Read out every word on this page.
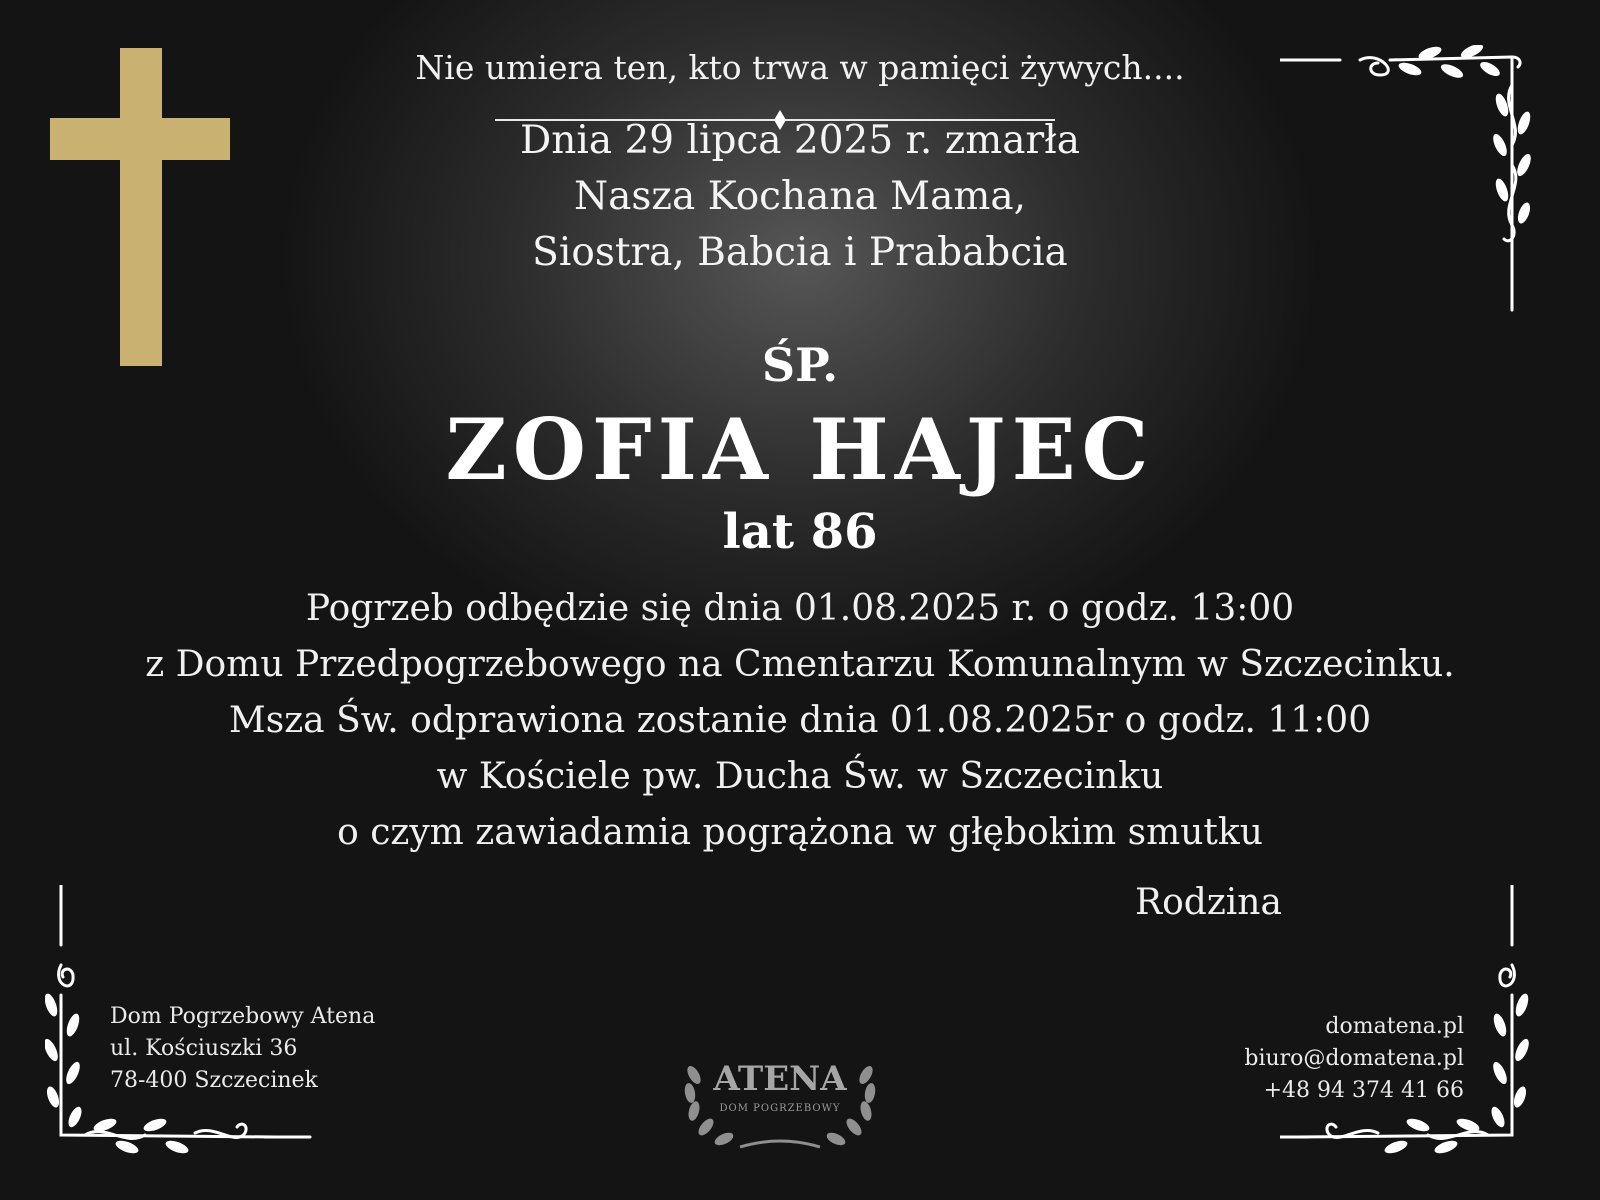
Nie umiera ten, kto trwa w pamięci żywych....
Dnia 29 lipca 2025 r. zmarła
Nasza Kochana Mama,
Siostra, Babcia i Prababcia
ŚP.
ZOFIA HAJEC
lat 86
Pogrzeb odbędzie się dnia 01.08.2025 r. o godz. 13:00
z Domu Przedpogrzebowego na Cmentarzu Komunalnym w Szczecinku.
Msza Św. odprawiona zostanie dnia 01.08.2025r o godz. 11:00
w Kościele pw. Ducha Św. w Szczecinku
o czym zawiadamia pogrążona w głębokim smutku
Rodzina
Dom Pogrzebowy Atena
ul. Kościuszki 36
78-400 Szczecinek
domatena.pl
biuro@domatena.pl
+48 94 374 41 66
ATENA
DOM POGRZEBOWY
